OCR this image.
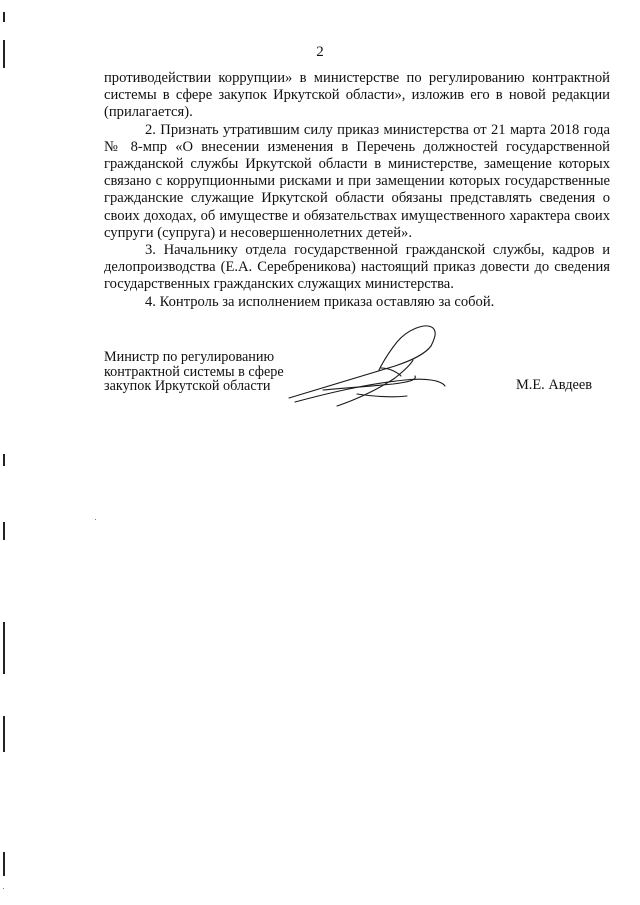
2

противодействии коррупции» в министерстве по регулированию контрактной системы в сфере закупок Иркутской области», изложив его в новой редакции (прилагается).

2. Признать утратившим силу приказ министерства от 21 марта 2018 года № 8-мпр «О внесении изменения в Перечень должностей государственной гражданской службы Иркутской области в министерстве, замещение которых связано с коррупционными рисками и при замещении которых государственные гражданские служащие Иркутской области обязаны представлять сведения о своих доходах, об имуществе и обязательствах имущественного характера своих супруги (супруга) и несовершеннолетних детей».

3. Начальнику отдела государственной гражданской службы, кадров и делопроизводства (Е.А. Серебреникова) настоящий приказ довести до сведения государственных гражданских служащих министерства.

4. Контроль за исполнением приказа оставляю за собой.

Министр по регулированию
контрактной системы в сфере
закупок Иркутской области	М.Е. Авдеев
